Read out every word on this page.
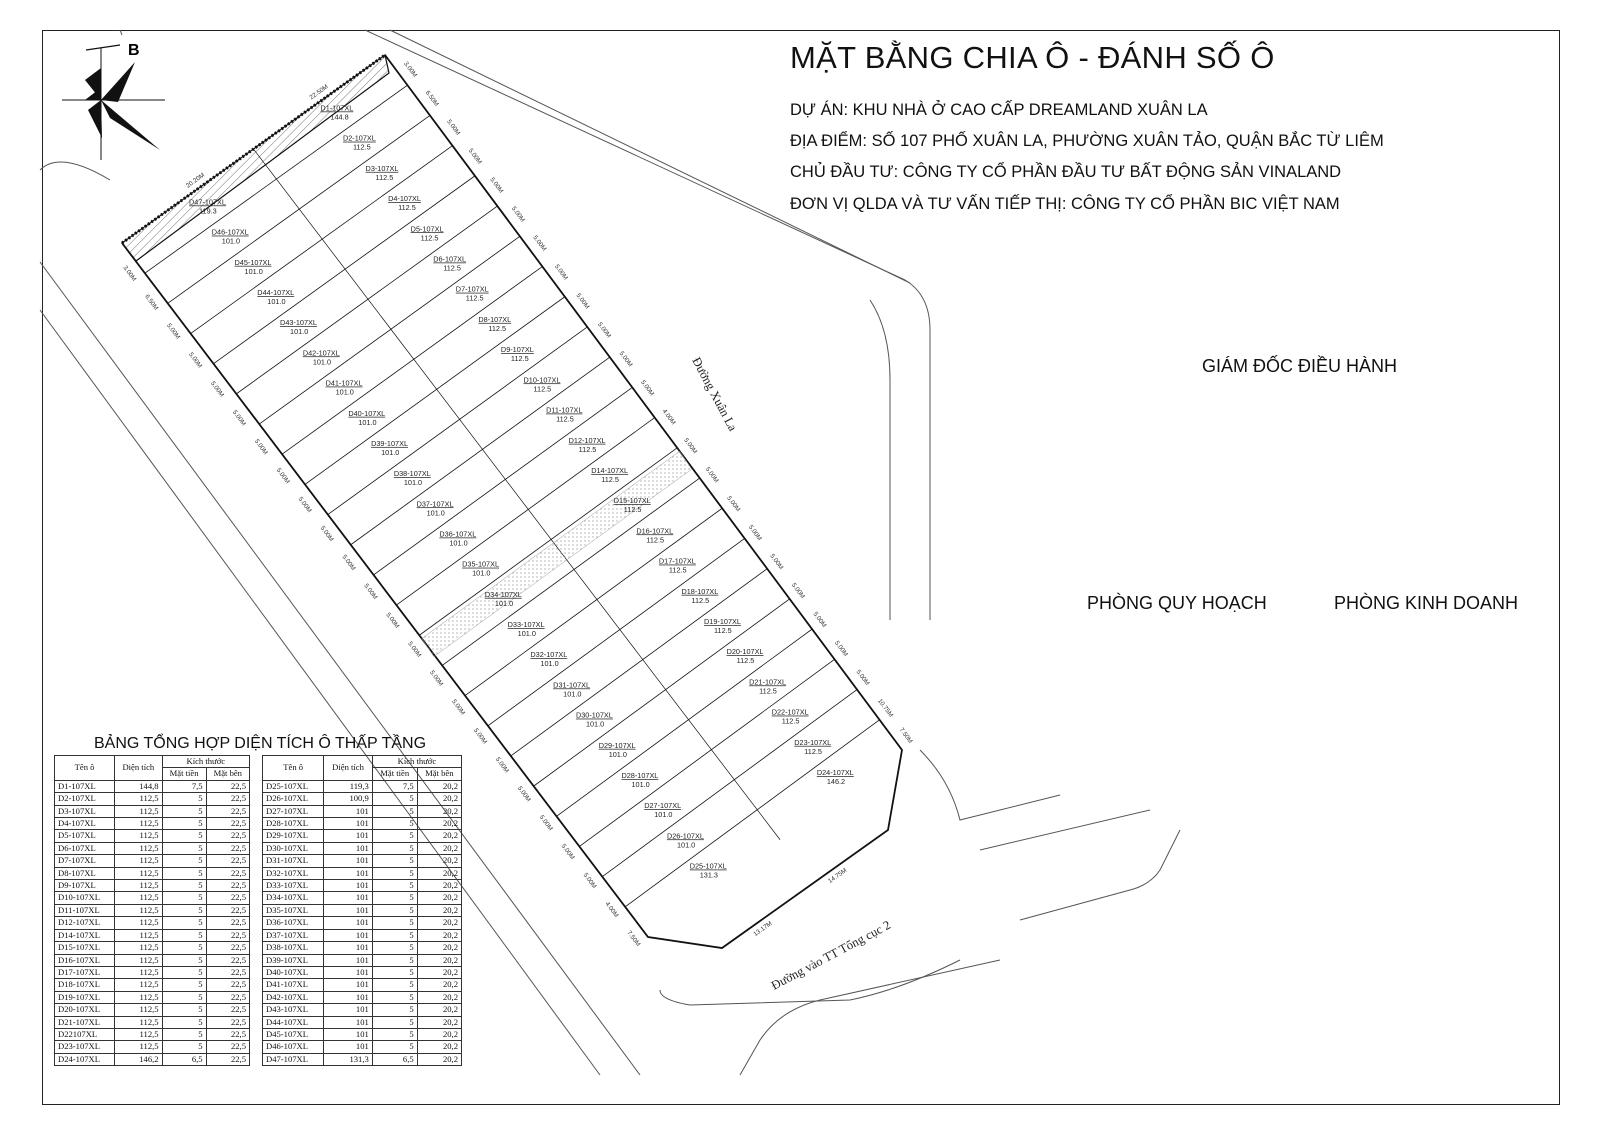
B
D24-107XL
146.2
D23-107XL
112.5
D22-107XL
112.5
D21-107XL
112.5
D20-107XL
112.5
D19-107XL
112.5
D18-107XL
112.5
D17-107XL
112.5
D16-107XL
112.5
D15-107XL
112.5
D14-107XL
112.5
D12-107XL
112.5
D11-107XL
112.5
D10-107XL
112.5
D9-107XL
112.5
D8-107XL
112.5
D7-107XL
112.5
D6-107XL
112.5
D5-107XL
112.5
D4-107XL
112.5
D3-107XL
112.5
D2-107XL
112.5
D1-107XL
144.8
D25-107XL
131.3
D26-107XL
101.0
D27-107XL
101.0
D28-107XL
101.0
D29-107XL
101.0
D30-107XL
101.0
D31-107XL
101.0
D32-107XL
101.0
D33-107XL
101.0
D34-107XL
101.0
D35-107XL
101.0
D36-107XL
101.0
D37-107XL
101.0
D38-107XL
101.0
D39-107XL
101.0
D40-107XL
101.0
D41-107XL
101.0
D42-107XL
101.0
D43-107XL
101.0
D44-107XL
101.0
D45-107XL
101.0
D46-107XL
101.0
D47-107XL
119.3
7.50M
10.75M
5.00M
5.00M
5.00M
5.00M
5.00M
5.00M
5.00M
5.00M
5.00M
4.00M
5.00M
5.00M
5.00M
5.00M
5.00M
5.00M
5.00M
5.00M
5.00M
5.00M
6.50M
3.00M
7.50M
4.00M
5.00M
5.00M
5.00M
5.00M
5.00M
5.00M
5.00M
5.00M
5.00M
5.00M
5.00M
5.00M
5.00M
5.00M
5.00M
5.00M
5.00M
5.00M
5.00M
5.00M
6.50M
3.00M
22.50M
20.20M
13.17M
14.75M
Đường Xuân La
Đường vào TT Tổng cục 2
MẶT BẰNG CHIA Ô - ĐÁNH SỐ Ô
DỰ ÁN: KHU NHÀ Ở CAO CẤP DREAMLAND XUÂN LA
ĐỊA ĐIỂM: SỐ 107 PHỐ XUÂN LA, PHƯỜNG XUÂN TẢO, QUẬN BẮC TỪ LIÊM
CHỦ ĐẦU TƯ: CÔNG TY CỔ PHẦN ĐẦU TƯ BẤT ĐỘNG SẢN VINALAND
ĐƠN VỊ QLDA VÀ TƯ VẤN TIẾP THỊ: CÔNG TY CỔ PHẦN BIC VIỆT NAM
GIÁM ĐỐC ĐIỀU HÀNH
PHÒNG QUY HOẠCH	PHÒNG KINH DOANH
BẢNG TỔNG HỢP DIỆN TÍCH Ô THẤP TẦNG
Tên ô	Diện tích	Kích thước	
		Mặt tiền	Mặt bên
D1-107XL	144,8	7,5	22,5
D2-107XL	112,5	5	22,5
D3-107XL	112,5	5	22,5
D4-107XL	112,5	5	22,5
D5-107XL	112,5	5	22,5
D6-107XL	112,5	5	22,5
D7-107XL	112,5	5	22,5
D8-107XL	112,5	5	22,5
D9-107XL	112,5	5	22,5
D10-107XL	112,5	5	22,5
D11-107XL	112,5	5	22,5
D12-107XL	112,5	5	22,5
D14-107XL	112,5	5	22,5
D15-107XL	112,5	5	22,5
D16-107XL	112,5	5	22,5
D17-107XL	112,5	5	22,5
D18-107XL	112,5	5	22,5
D19-107XL	112,5	5	22,5
D20-107XL	112,5	5	22,5
D21-107XL	112,5	5	22,5
D22107XL	112,5	5	22,5
D23-107XL	112,5	5	22,5
D24-107XL	146,2	6,5	22,5
Tên ô	Diện tích	Kích thước	
		Mặt tiền	Mặt bên
D25-107XL	119,3	7,5	20,2
D26-107XL	100,9	5	20,2
D27-107XL	101	5	20,2
D28-107XL	101	5	20,2
D29-107XL	101	5	20,2
D30-107XL	101	5	20,2
D31-107XL	101	5	20,2
D32-107XL	101	5	20,2
D33-107XL	101	5	20,2
D34-107XL	101	5	20,2
D35-107XL	101	5	20,2
D36-107XL	101	5	20,2
D37-107XL	101	5	20,2
D38-107XL	101	5	20,2
D39-107XL	101	5	20,2
D40-107XL	101	5	20,2
D41-107XL	101	5	20,2
D42-107XL	101	5	20,2
D43-107XL	101	5	20,2
D44-107XL	101	5	20,2
D45-107XL	101	5	20,2
D46-107XL	101	5	20,2
D47-107XL	131,3	6,5	20,2
